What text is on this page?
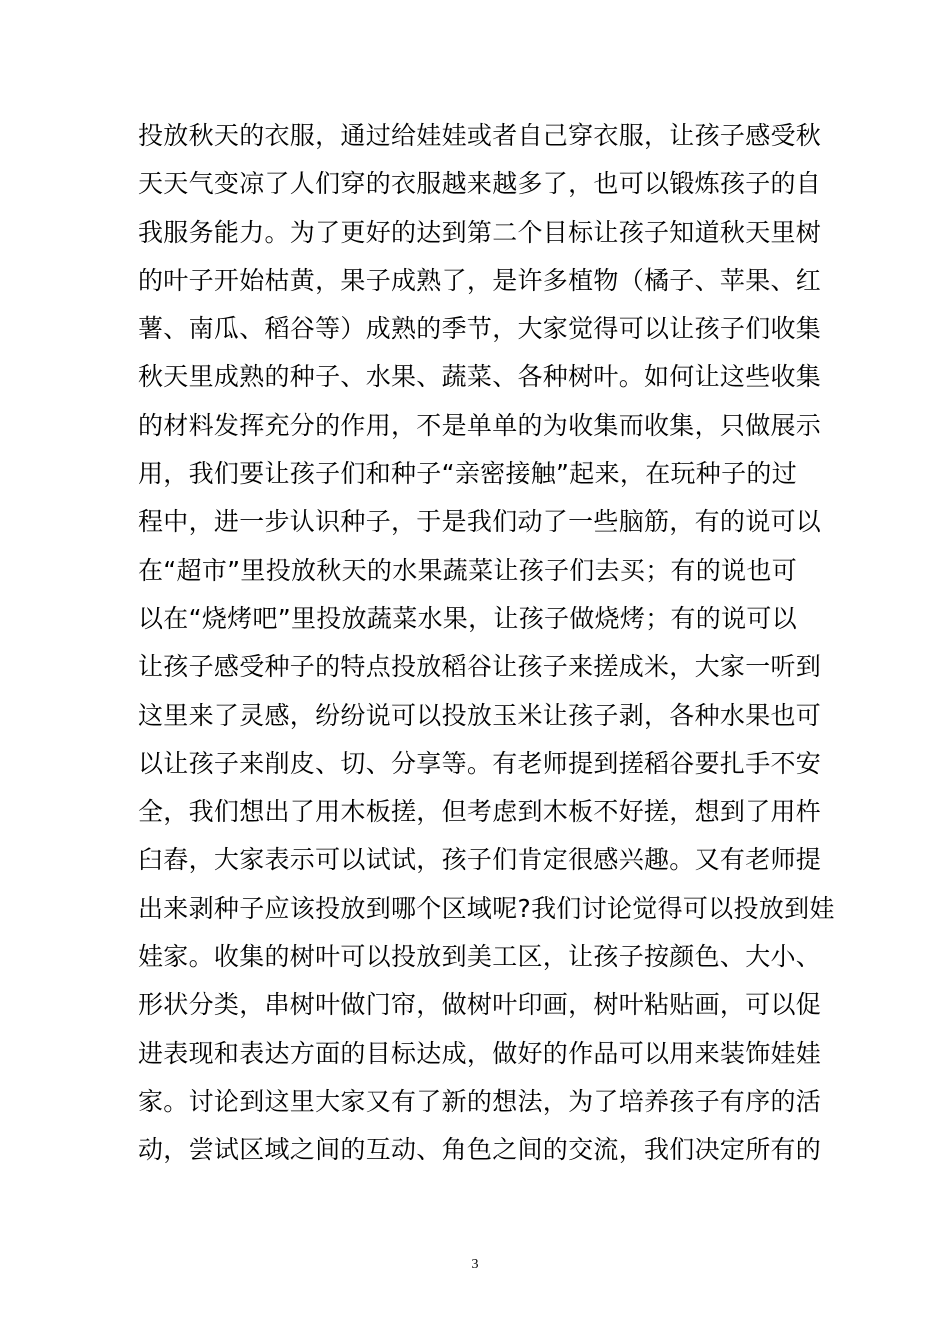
投放秋天的衣服，通过给娃娃或者自己穿衣服，让孩子感受秋
天天气变凉了人们穿的衣服越来越多了，也可以锻炼孩子的自
我服务能力。为了更好的达到第二个目标让孩子知道秋天里树
的叶子开始枯黄，果子成熟了，是许多植物（橘子、苹果、红
薯、南瓜、稻谷等）成熟的季节，大家觉得可以让孩子们收集
秋天里成熟的种子、水果、蔬菜、各种树叶。如何让这些收集
的材料发挥充分的作用，不是单单的为收集而收集，只做展示
用，我们要让孩子们和种子“亲密接触”起来，在玩种子的过
程中，进一步认识种子，于是我们动了一些脑筋，有的说可以
在“超市”里投放秋天的水果蔬菜让孩子们去买；有的说也可
以在“烧烤吧”里投放蔬菜水果，让孩子做烧烤；有的说可以
让孩子感受种子的特点投放稻谷让孩子来搓成米，大家一听到
这里来了灵感，纷纷说可以投放玉米让孩子剥，各种水果也可
以让孩子来削皮、切、分享等。有老师提到搓稻谷要扎手不安
全，我们想出了用木板搓，但考虑到木板不好搓，想到了用杵
臼舂，大家表示可以试试，孩子们肯定很感兴趣。又有老师提
出来剥种子应该投放到哪个区域呢?我们讨论觉得可以投放到娃
娃家。收集的树叶可以投放到美工区，让孩子按颜色、大小、
形状分类，串树叶做门帘，做树叶印画，树叶粘贴画，可以促
进表现和表达方面的目标达成，做好的作品可以用来装饰娃娃
家。讨论到这里大家又有了新的想法，为了培养孩子有序的活
动，尝试区域之间的互动、角色之间的交流，我们决定所有的
3
